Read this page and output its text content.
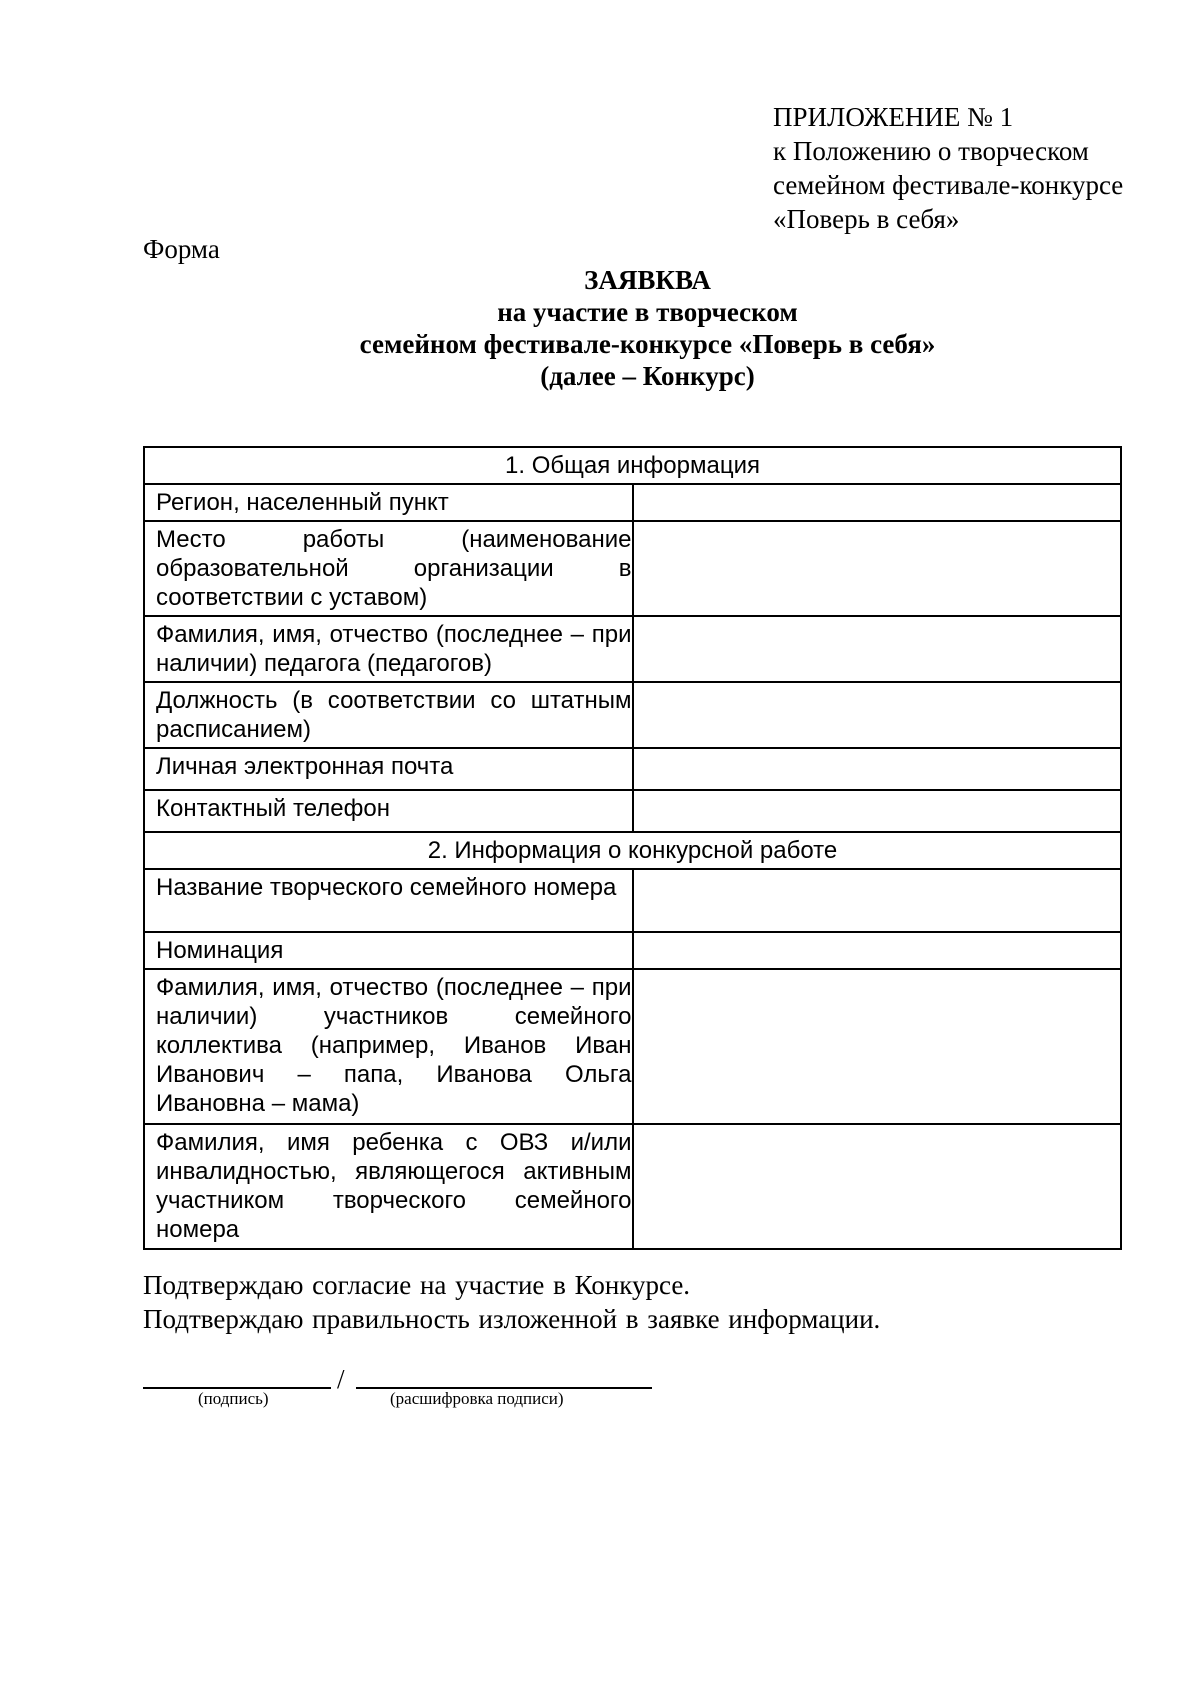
ПРИЛОЖЕНИЕ № 1
к Положению о творческом
семейном фестивале-конкурсе
«Поверь в себя»
Форма
ЗАЯВКВА
на участие в творческом
семейном фестивале-конкурсе «Поверь в себя»
(далее – Конкурс)
1. Общая информация	
Регион, населенный пункт	
Место работы (наименование образовательной организации в соответствии с уставом)	
Фамилия, имя, отчество (последнее – при наличии) педагога (педагогов)	
Должность (в соответствии со штатным расписанием)	
Личная электронная почта	
Контактный телефон	
2. Информация о конкурсной работе	
Название творческого семейного номера	
Номинация	
Фамилия, имя, отчество (последнее – при наличии) участников семейного коллектива (например, Иванов Иван Иванович – папа, Иванова Ольга Ивановна – мама)	
Фамилия, имя ребенка с ОВЗ и/или инвалидностью, являющегося активным участником творческого семейного номера	
Подтверждаю согласие на участие в Конкурсе.
Подтверждаю правильность изложенной в заявке информации.
/
(подпись)	(расшифровка подписи)
